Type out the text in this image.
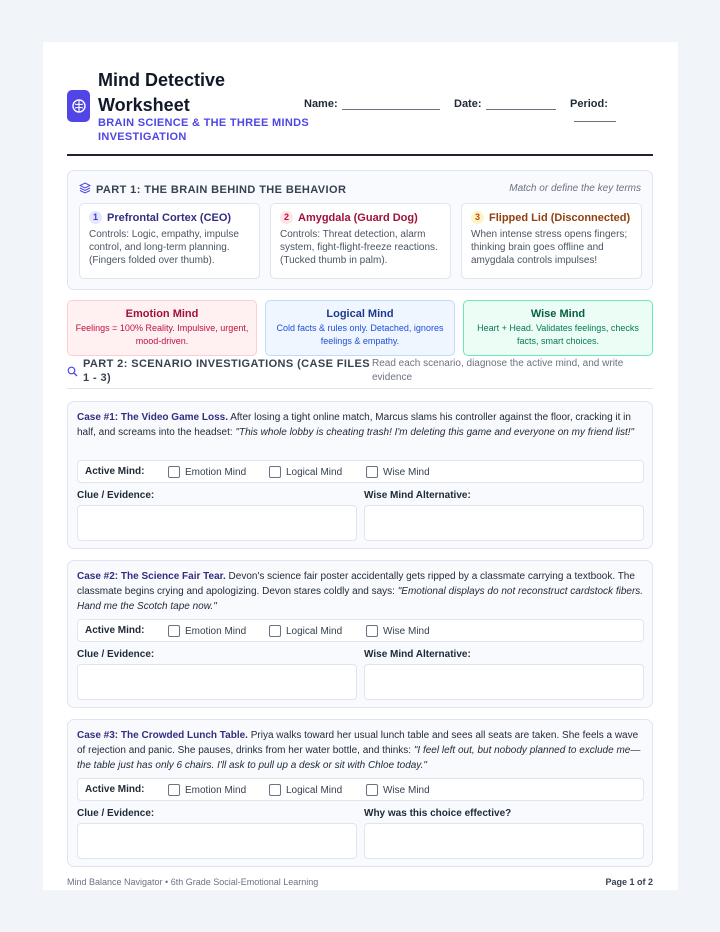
Mind Detective Worksheet
BRAIN SCIENCE & THE THREE MINDS INVESTIGATION
Name:	Date:	Period:
PART 1: THE BRAIN BEHIND THE BEHAVIOR	Match or define the key terms
1 Prefrontal Cortex (CEO)
Controls: Logic, empathy, impulse control, and long-term planning. (Fingers folded over thumb).
2 Amygdala (Guard Dog)
Controls: Threat detection, alarm system, fight-flight-freeze reactions. (Tucked thumb in palm).
3 Flipped Lid (Disconnected)
When intense stress opens fingers; thinking brain goes offline and amygdala controls impulses!
Emotion Mind
Feelings = 100% Reality. Impulsive, urgent, mood-driven.
Logical Mind
Cold facts & rules only. Detached, ignores feelings & empathy.
Wise Mind
Heart + Head. Validates feelings, checks facts, smart choices.
PART 2: SCENARIO INVESTIGATIONS (CASE FILES 1 - 3)
Read each scenario, diagnose the active mind, and write evidence
Case #1: The Video Game Loss. After losing a tight online match, Marcus slams his controller against the floor, cracking it in half, and screams into the headset: "This whole lobby is cheating trash! I'm deleting this game and everyone on my friend list!"
Active Mind:	Emotion Mind	Logical Mind	Wise Mind
Clue / Evidence:	Wise Mind Alternative:
Case #2: The Science Fair Tear. Devon's science fair poster accidentally gets ripped by a classmate carrying a textbook. The classmate begins crying and apologizing. Devon stares coldly and says: "Emotional displays do not reconstruct cardstock fibers. Hand me the Scotch tape now."
Active Mind:	Emotion Mind	Logical Mind	Wise Mind
Clue / Evidence:	Wise Mind Alternative:
Case #3: The Crowded Lunch Table. Priya walks toward her usual lunch table and sees all seats are taken. She feels a wave of rejection and panic. She pauses, drinks from her water bottle, and thinks: "I feel left out, but nobody planned to exclude me—the table just has only 6 chairs. I'll ask to pull up a desk or sit with Chloe today."
Active Mind:	Emotion Mind	Logical Mind	Wise Mind
Clue / Evidence:	Why was this choice effective?
Mind Balance Navigator • 6th Grade Social-Emotional Learning	Page 1 of 2
